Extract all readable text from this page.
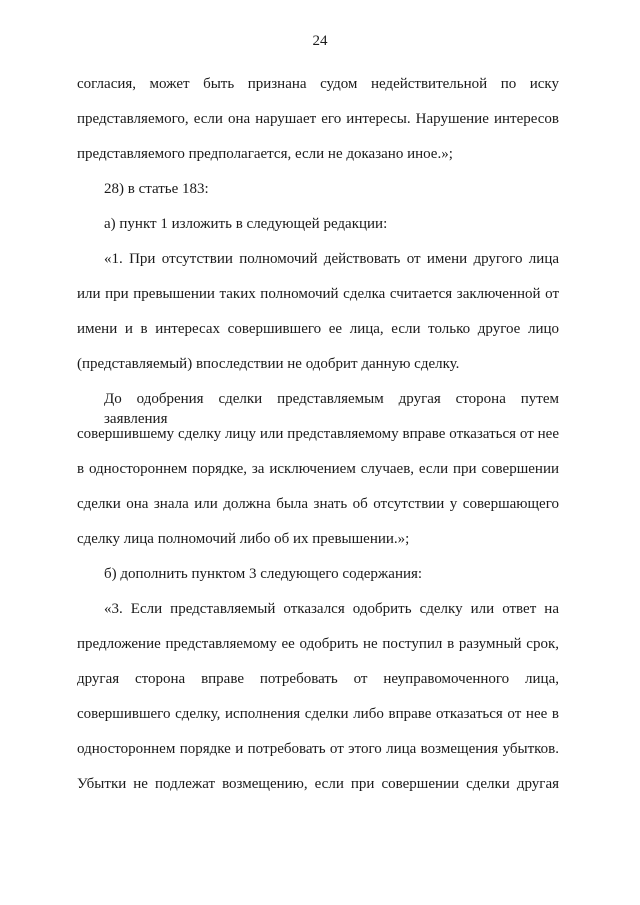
24
согласия, может быть признана судом недействительной по иску
представляемого, если она нарушает его интересы. Нарушение интересов
представляемого предполагается, если не доказано иное.»;
28) в статье 183:
а) пункт 1 изложить в следующей редакции:
«1. При отсутствии полномочий действовать от имени другого лица
или при превышении таких полномочий сделка считается заключенной от
имени и в интересах совершившего ее лица, если только другое лицо
(представляемый) впоследствии не одобрит данную сделку.
До одобрения сделки представляемым другая сторона путем заявления
совершившему сделку лицу или представляемому вправе отказаться от нее
в одностороннем порядке, за исключением случаев, если при совершении
сделки она знала или должна была знать об отсутствии у совершающего
сделку лица полномочий либо об их превышении.»;
б) дополнить пунктом 3 следующего содержания:
«3. Если представляемый отказался одобрить сделку или ответ на
предложение представляемому ее одобрить не поступил в разумный срок,
другая сторона вправе потребовать от неуправомоченного лица,
совершившего сделку, исполнения сделки либо вправе отказаться от нее в
одностороннем порядке и потребовать от этого лица возмещения убытков.
Убытки не подлежат возмещению, если при совершении сделки другая
